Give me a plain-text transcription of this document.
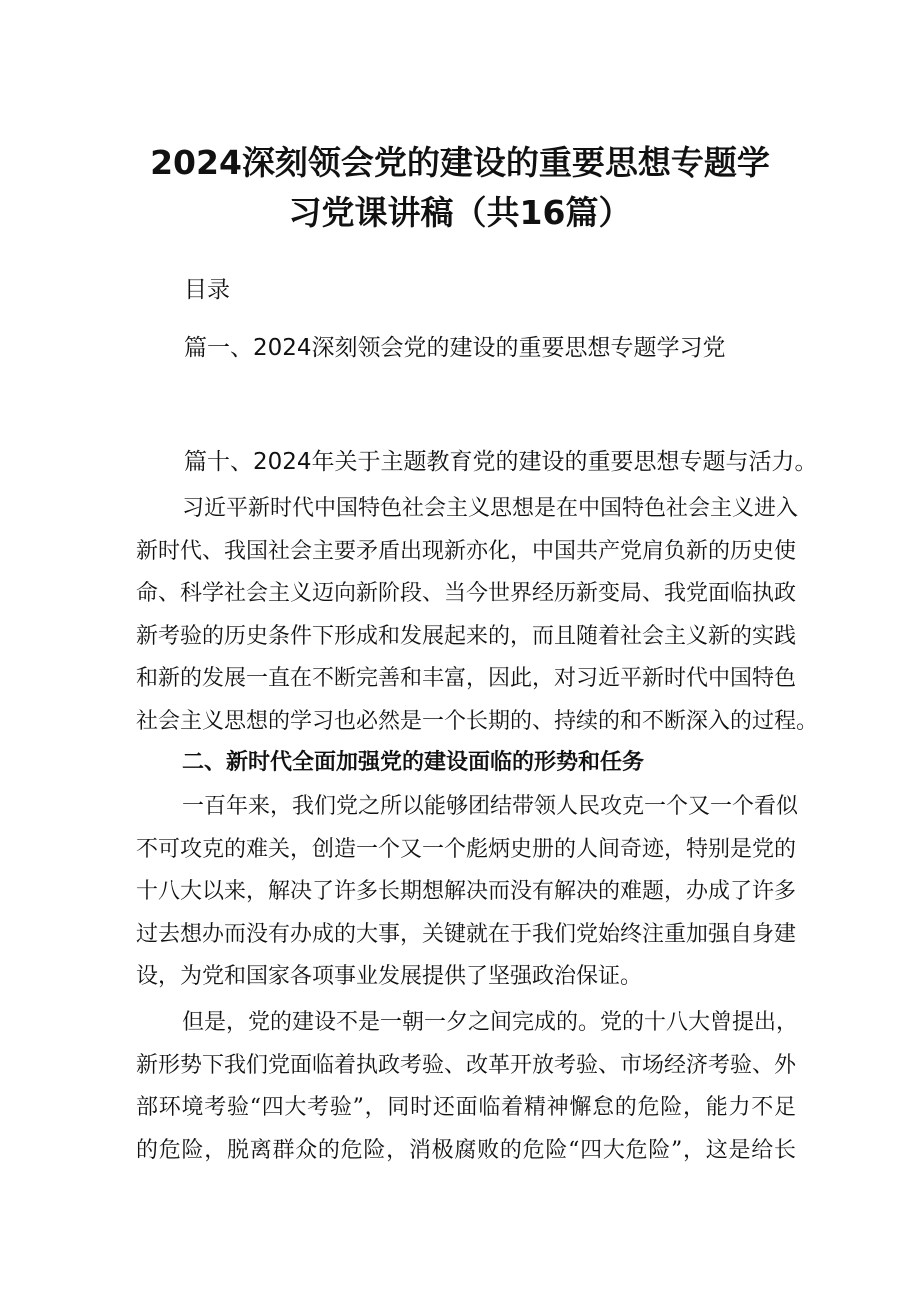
2024深刻领会党的建设的重要思想专题学
习党课讲稿（共16篇）
目录
篇一、2024深刻领会党的建设的重要思想专题学习党
篇十、2024年关于主题教育党的建设的重要思想专题与活力。
习近平新时代中国特色社会主义思想是在中国特色社会主义进入
新时代、我国社会主要矛盾出现新亦化，中国共产党肩负新的历史使
命、科学社会主义迈向新阶段、当今世界经历新变局、我党面临执政
新考验的历史条件下形成和发展起来的，而且随着社会主义新的实践
和新的发展一直在不断完善和丰富，因此，对习近平新时代中国特色
社会主义思想的学习也必然是一个长期的、持续的和不断深入的过程。
二、新时代全面加强党的建设面临的形势和任务
一百年来，我们党之所以能够团结带领人民攻克一个又一个看似
不可攻克的难关，创造一个又一个彪炳史册的人间奇迹，特别是党的
十八大以来，解决了许多长期想解决而没有解决的难题，办成了许多
过去想办而没有办成的大事，关键就在于我们党始终注重加强自身建
设，为党和国家各项事业发展提供了坚强政治保证。
但是，党的建设不是一朝一夕之间完成的。党的十八大曾提出，
新形势下我们党面临着执政考验、改革开放考验、市场经济考验、外
部环境考验“四大考验”，同时还面临着精神懈怠的危险，能力不足
的危险，脱离群众的危险，消极腐败的危险“四大危险”，这是给长
